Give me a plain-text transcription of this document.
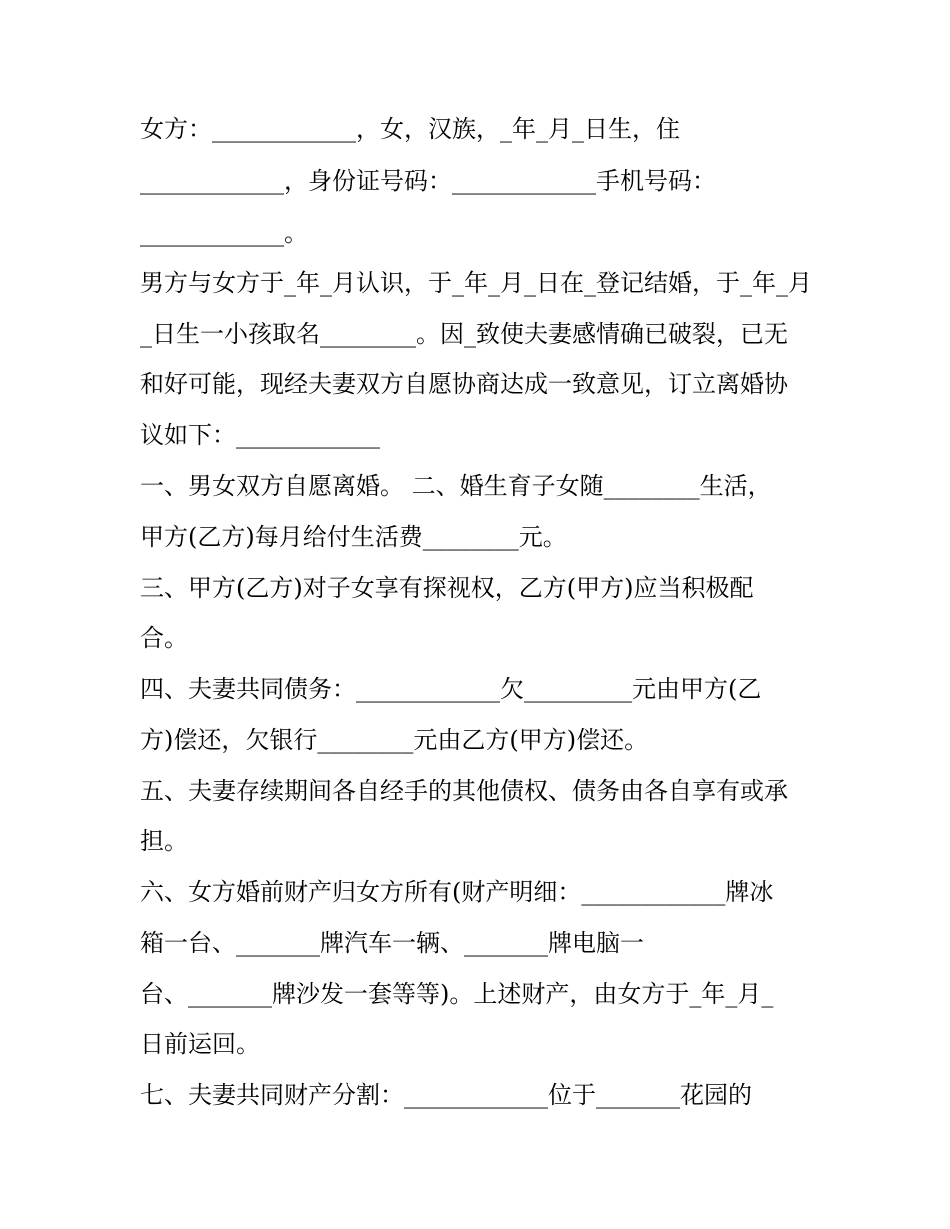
女方：____________，女，汉族，_年_月_日生，住

____________，身份证号码：____________手机号码：

____________。

男方与女方于_年_月认识，于_年_月_日在_登记结婚，于_年_月

_日生一小孩取名________。因_致使夫妻感情确已破裂，已无

和好可能，现经夫妻双方自愿协商达成一致意见，订立离婚协

议如下：____________

一、男女双方自愿离婚。 二、婚生育子女随________生活，

甲方(乙方)每月给付生活费________元。

三、甲方(乙方)对子女享有探视权，乙方(甲方)应当积极配

合。

四、夫妻共同债务：____________欠_________元由甲方(乙

方)偿还，欠银行________元由乙方(甲方)偿还。

五、夫妻存续期间各自经手的其他债权、债务由各自享有或承

担。

六、女方婚前财产归女方所有(财产明细：____________牌冰

箱一台、_______牌汽车一辆、_______牌电脑一

台、_______牌沙发一套等等)。上述财产，由女方于_年_月_

日前运回。

七、夫妻共同财产分割：____________位于_______花园的
